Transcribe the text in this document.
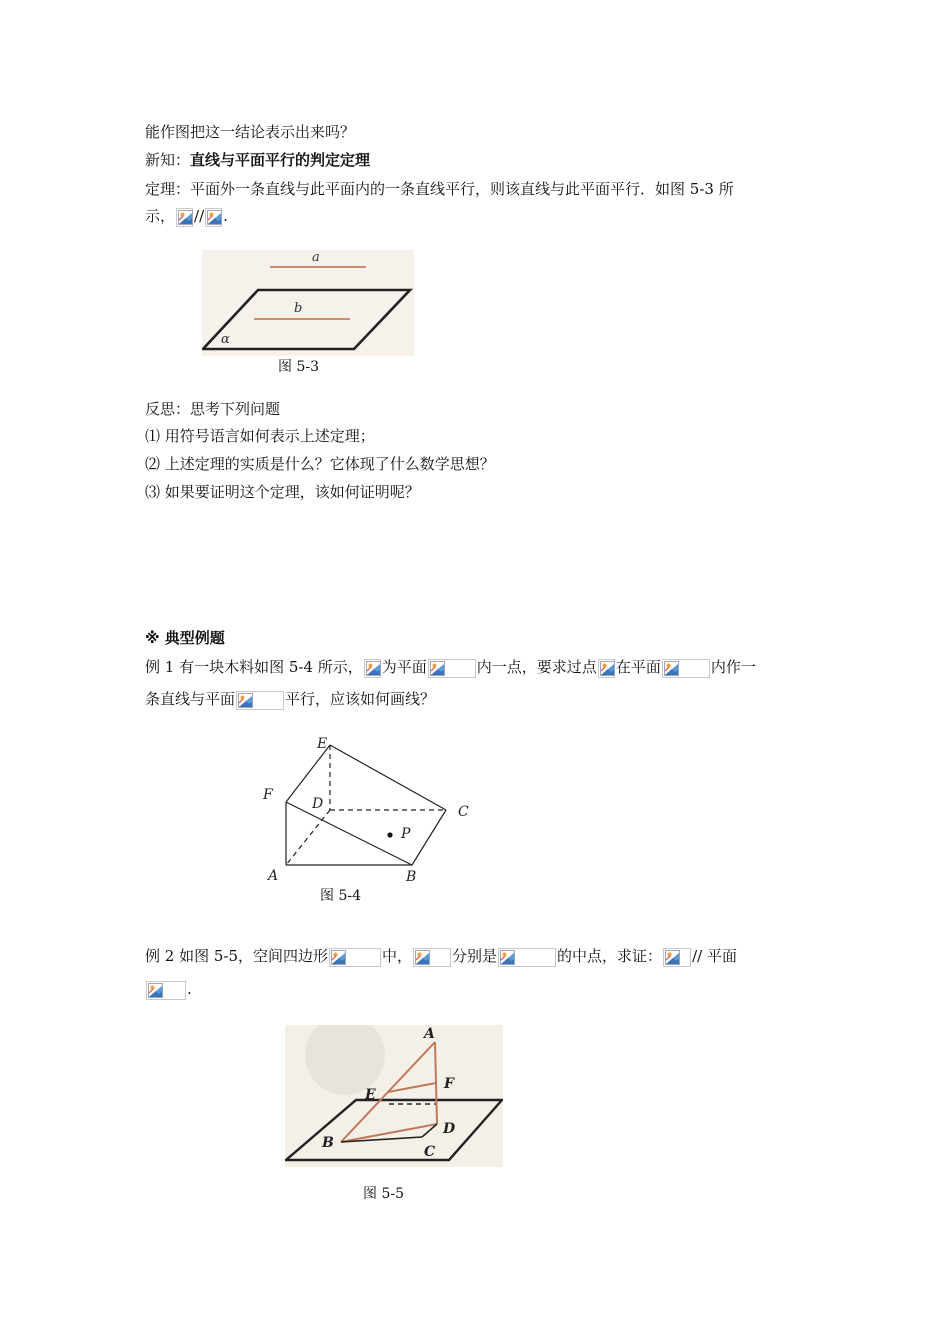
能作图把这一结论表示出来吗？
新知：直线与平面平行的判定定理
定理：平面外一条直线与此平面内的一条直线平行，则该直线与此平面平行．如图 5-3 所
示， // .
a
b
α
图 5-3
反思：思考下列问题
⑴ 用符号语言如何表示上述定理；
⑵ 上述定理的实质是什么？它体现了什么数学思想？
⑶ 如果要证明这个定理，该如何证明呢？
※ 典型例题
例 1 有一块木料如图 5-4 所示， 为平面	内一点，要求过点 在平面	内作一
条直线与平面	平行，应该如何画线？
E
F
D	C
P
A	B
图 5-4
例 2 如图 5-5，空间四边形	中，	分别是	的中点，求证： // 平面
.
A
E
F
B
C
D
图 5-5
